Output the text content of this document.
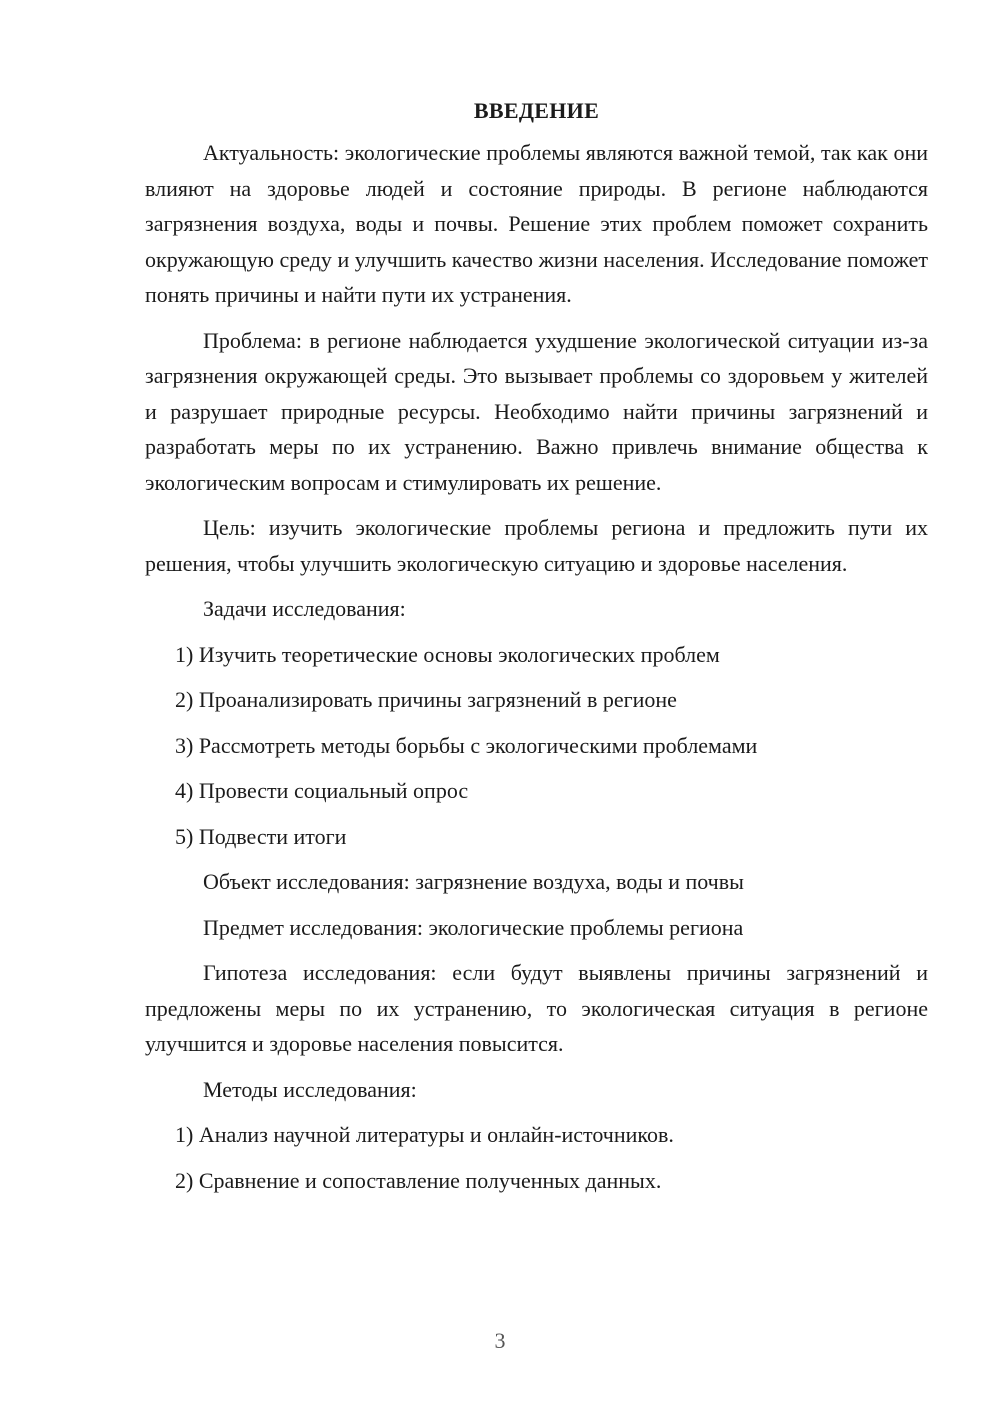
ВВЕДЕНИЕ

Актуальность: экологические проблемы являются важной темой, так как они влияют на здоровье людей и состояние природы. В регионе наблюдаются загрязнения воздуха, воды и почвы. Решение этих проблем поможет сохранить окружающую среду и улучшить качество жизни населения. Исследование поможет понять причины и найти пути их устранения.

Проблема: в регионе наблюдается ухудшение экологической ситуации из-за загрязнения окружающей среды. Это вызывает проблемы со здоровьем у жителей и разрушает природные ресурсы. Необходимо найти причины загрязнений и разработать меры по их устранению. Важно привлечь внимание общества к экологическим вопросам и стимулировать их решение.

Цель: изучить экологические проблемы региона и предложить пути их решения, чтобы улучшить экологическую ситуацию и здоровье населения.

Задачи исследования:
1) Изучить теоретические основы экологических проблем
2) Проанализировать причины загрязнений в регионе
3) Рассмотреть методы борьбы с экологическими проблемами
4) Провести социальный опрос
5) Подвести итоги
Объект исследования: загрязнение воздуха, воды и почвы
Предмет исследования: экологические проблемы региона

Гипотеза исследования: если будут выявлены причины загрязнений и предложены меры по их устранению, то экологическая ситуация в регионе улучшится и здоровье населения повысится.

Методы исследования:
1) Анализ научной литературы и онлайн-источников.
2) Сравнение и сопоставление полученных данных.
3
